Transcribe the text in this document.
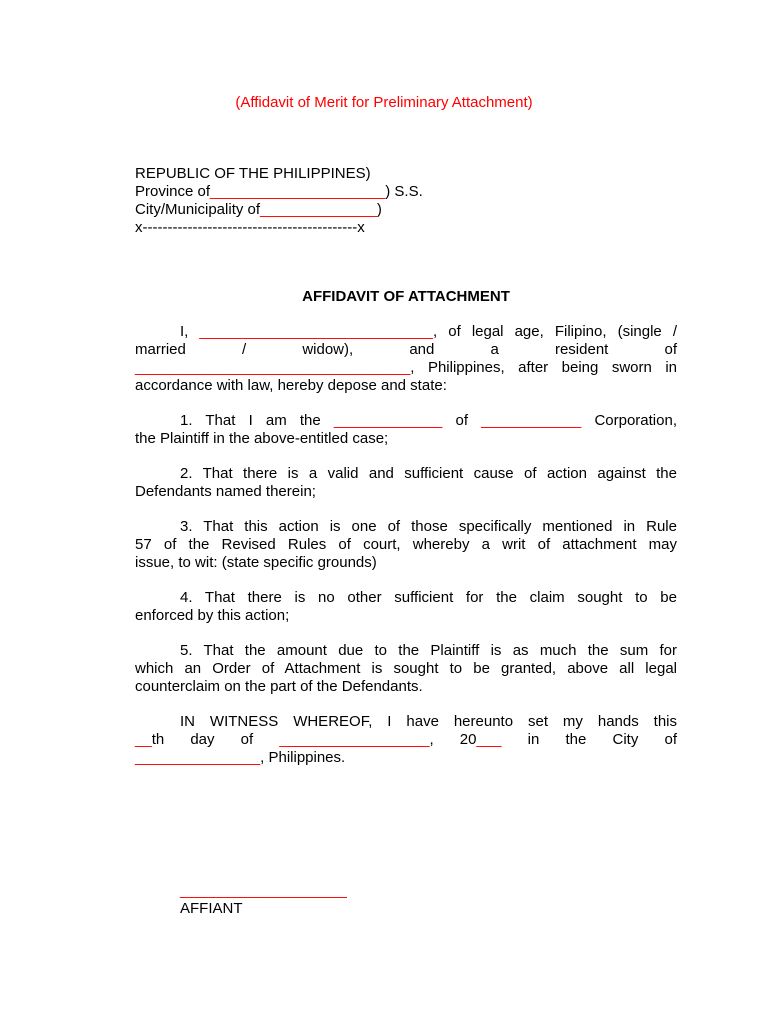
(Affidavit of Merit for Preliminary Attachment)
REPUBLIC OF THE PHILIPPINES)
Province of_____________________) S.S.
City/Municipality of______________)
x-------------------------------------------x
AFFIDAVIT OF ATTACHMENT
I, ____________________________, of legal age, Filipino, (single /
married	/	widow),	and	a	resident	of
_________________________________, Philippines, after being sworn in
accordance with law, hereby depose and state:
1. That I am the _____________ of ____________ Corporation,
the Plaintiff in the above-entitled case;
2. That there is a valid and sufficient cause of action against the
Defendants named therein;
3. That this action is one of those specifically mentioned in Rule
57 of the Revised Rules of court, whereby a writ of attachment may
issue, to wit: (state specific grounds)
4. That there is no other sufficient for the claim sought to be
enforced by this action;
5. That the amount due to the Plaintiff is as much the sum for
which an Order of Attachment is sought to be granted, above all legal
counterclaim on the part of the Defendants.
IN WITNESS WHEREOF, I have hereunto set my hands this
__th day of __________________, 20___ in the City of
_______________, Philippines.
____________________
AFFIANT
